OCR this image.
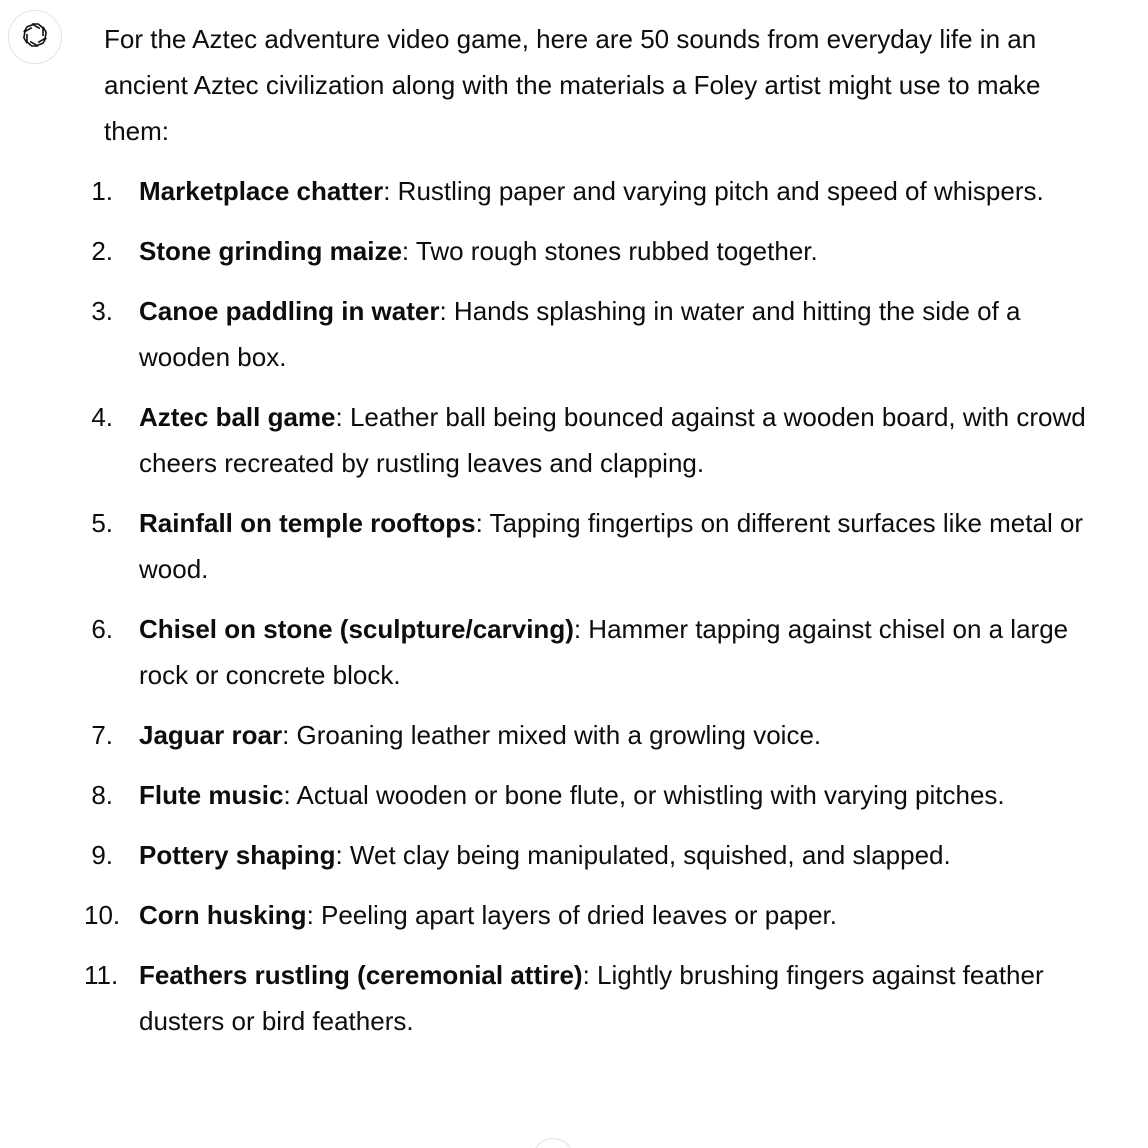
For the Aztec adventure video game, here are 50 sounds from everyday life in an ancient Aztec civilization along with the materials a Foley artist might use to make them:

1.	Marketplace chatter: Rustling paper and varying pitch and speed of whispers.
2.	Stone grinding maize: Two rough stones rubbed together.
3.	Canoe paddling in water: Hands splashing in water and hitting the side of a wooden box.
4.	Aztec ball game: Leather ball being bounced against a wooden board, with crowd cheers recreated by rustling leaves and clapping.
5.	Rainfall on temple rooftops: Tapping fingertips on different surfaces like metal or wood.
6.	Chisel on stone (sculpture/carving): Hammer tapping against chisel on a large rock or concrete block.
7.	Jaguar roar: Groaning leather mixed with a growling voice.
8.	Flute music: Actual wooden or bone flute, or whistling with varying pitches.
9.	Pottery shaping: Wet clay being manipulated, squished, and slapped.
10. Corn husking: Peeling apart layers of dried leaves or paper.
11. Feathers rustling (ceremonial attire): Lightly brushing fingers against feather dusters or bird feathers.
